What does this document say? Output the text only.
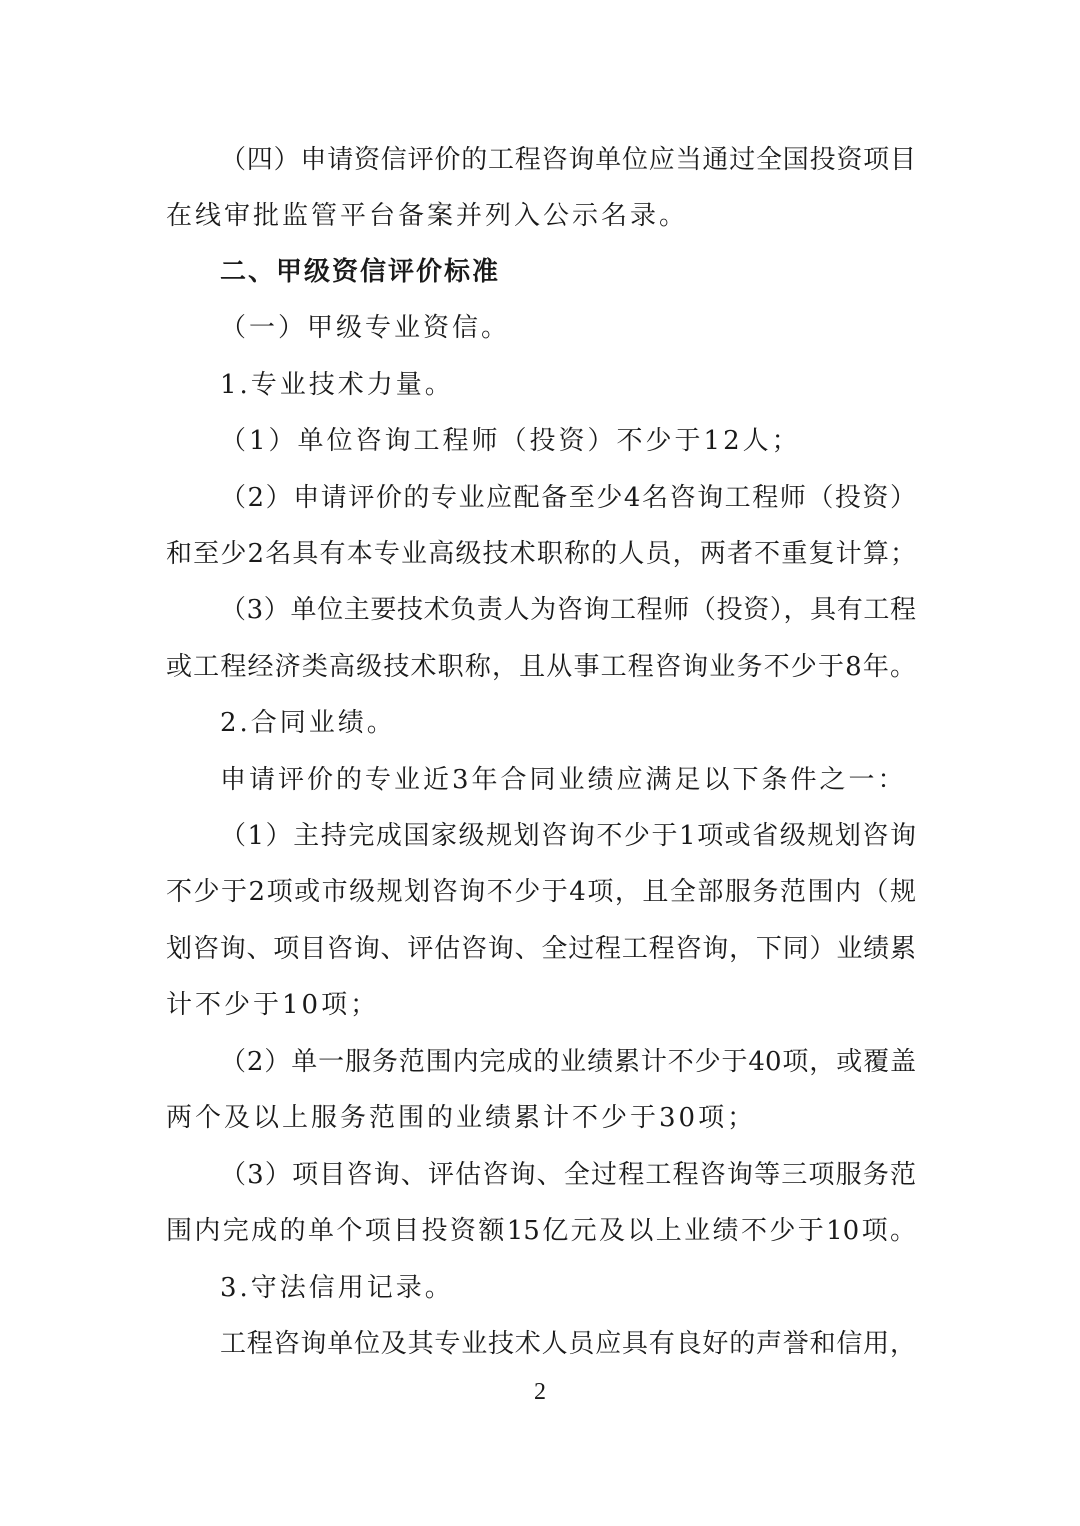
（四）申请资信评价的工程咨询单位应当通过全国投资项目
在线审批监管平台备案并列入公示名录。
二、甲级资信评价标准
（一）甲级专业资信。
1.专业技术力量。
（1）单位咨询工程师（投资）不少于12人；
（2）申请评价的专业应配备至少4名咨询工程师（投资）
和至少2名具有本专业高级技术职称的人员，两者不重复计算；
（3）单位主要技术负责人为咨询工程师（投资），具有工程
或工程经济类高级技术职称，且从事工程咨询业务不少于8年。
2.合同业绩。
申请评价的专业近3年合同业绩应满足以下条件之一：
（1）主持完成国家级规划咨询不少于1项或省级规划咨询
不少于2项或市级规划咨询不少于4项，且全部服务范围内（规
划咨询、项目咨询、评估咨询、全过程工程咨询，下同）业绩累
计不少于10项；
（2）单一服务范围内完成的业绩累计不少于40项，或覆盖
两个及以上服务范围的业绩累计不少于30项；
（3）项目咨询、评估咨询、全过程工程咨询等三项服务范
围内完成的单个项目投资额15亿元及以上业绩不少于10项。
3.守法信用记录。
工程咨询单位及其专业技术人员应具有良好的声誉和信用，
2
